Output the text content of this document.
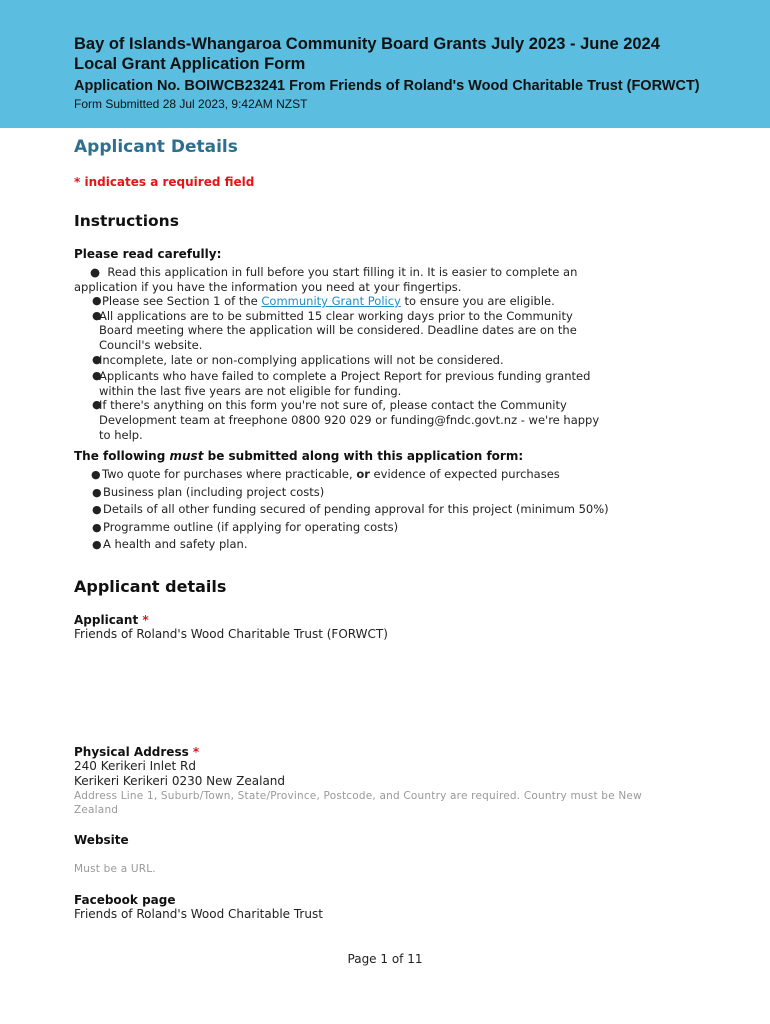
Bay of Islands-Whangaroa Community Board Grants July 2023 - June 2024
Local Grant Application Form
Application No. BOIWCB23241 From Friends of Roland's Wood Charitable Trust (FORWCT)
Form Submitted 28 Jul 2023, 9:42AM NZST
Applicant Details
* indicates a required field
Instructions
Please read carefully:
● Read this application in full before you start filling it in. It is easier to complete an
application if you have the information you need at your fingertips.
● Please see Section 1 of the Community Grant Policy to ensure you are eligible.
●
All applications are to be submitted 15 clear working days prior to the Community
Board meeting where the application will be considered. Deadline dates are on the
Council's website.
●
Incomplete, late or non-complying applications will not be considered.
●
Applicants who have failed to complete a Project Report for previous funding granted
within the last five years are not eligible for funding.
●
If there's anything on this form you're not sure of, please contact the Community
Development team at freephone 0800 920 029 or funding@fndc.govt.nz - we're happy
to help.
The following must be submitted along with this application form:
● Two quote for purchases where practicable, or evidence of expected purchases
● Business plan (including project costs)
● Details of all other funding secured of pending approval for this project (minimum 50%)
● Programme outline (if applying for operating costs)
● A health and safety plan.
Applicant details
Applicant *
Friends of Roland's Wood Charitable Trust (FORWCT)
Physical Address *
240 Kerikeri Inlet Rd
Kerikeri Kerikeri 0230 New Zealand
Address Line 1, Suburb/Town, State/Province, Postcode, and Country are required. Country must be New Zealand
Website
Must be a URL.
Facebook page
Friends of Roland's Wood Charitable Trust
Page 1 of 11
